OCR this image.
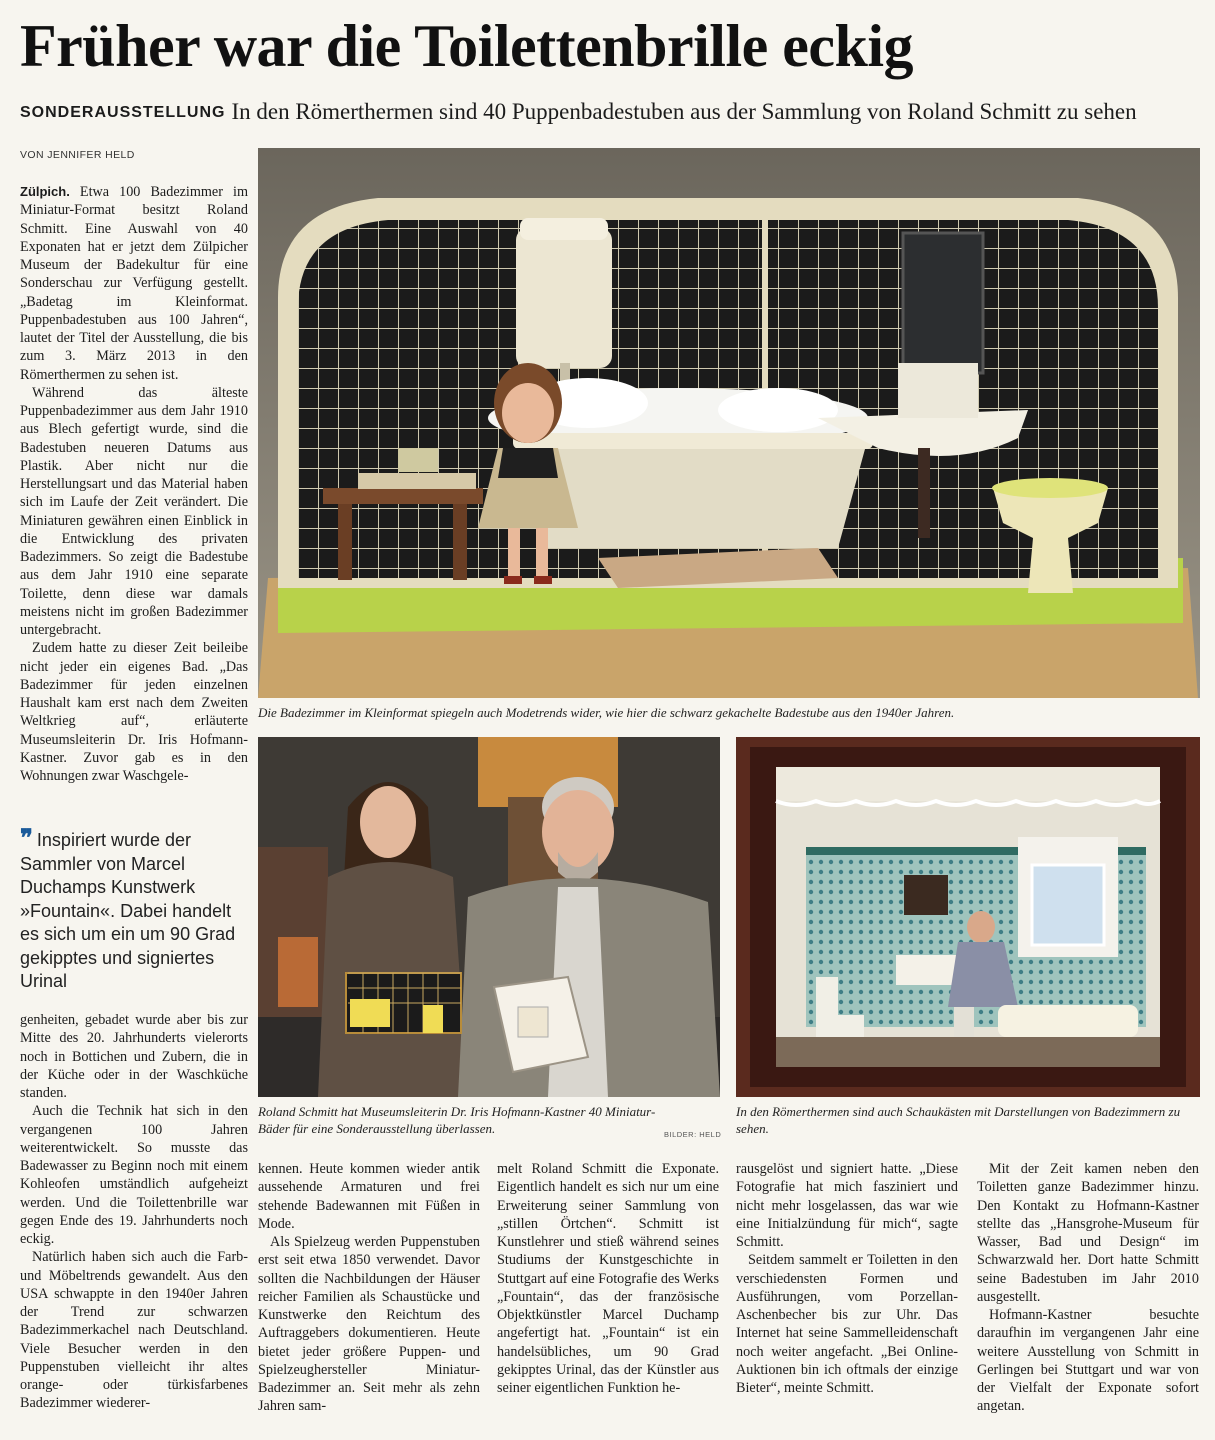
Früher war die Toilettenbrille eckig
SONDERAUSSTELLUNG In den Römerthermen sind 40 Puppenbadestuben aus der Sammlung von Roland Schmitt zu sehen
VON JENNIFER HELD

Zülpich. Etwa 100 Badezimmer im Miniatur-Format besitzt Roland Schmitt. Eine Auswahl von 40 Exponaten hat er jetzt dem Zülpicher Museum der Badekultur für eine Sonderschau zur Verfügung gestellt. „Badetag im Kleinformat. Puppenbadestuben aus 100 Jahren“, lautet der Titel der Ausstellung, die bis zum 3. März 2013 in den Römerthermen zu sehen ist.

Während das älteste Puppenbadezimmer aus dem Jahr 1910 aus Blech gefertigt wurde, sind die Badestuben neueren Datums aus Plastik. Aber nicht nur die Herstellungsart und das Material haben sich im Laufe der Zeit verändert. Die Miniaturen gewähren einen Einblick in die Entwicklung des privaten Badezimmers. So zeigt die Badestube aus dem Jahr 1910 eine separate Toilette, denn diese war damals meistens nicht im großen Badezimmer untergebracht.

Zudem hatte zu dieser Zeit beileibe nicht jeder ein eigenes Bad. „Das Badezimmer für jeden einzelnen Haushalt kam erst nach dem Zweiten Weltkrieg auf“, erläuterte Museumsleiterin Dr. Iris Hofmann-Kastner. Zuvor gab es in den Wohnungen zwar Waschgele-

❞ Inspiriert wurde der Sammler von Marcel Duchamps Kunstwerk »Fountain«. Dabei handelt es sich um ein um 90 Grad gekipptes und signiertes Urinal

genheiten, gebadet wurde aber bis zur Mitte des 20. Jahrhunderts vielerorts noch in Bottichen und Zubern, die in der Küche oder in der Waschküche standen.

Auch die Technik hat sich in den vergangenen 100 Jahren weiterentwickelt. So musste das Badewasser zu Beginn noch mit einem Kohleofen umständlich aufgeheizt werden. Und die Toilettenbrille war gegen Ende des 19. Jahrhunderts noch eckig.

Natürlich haben sich auch die Farb- und Möbeltrends gewandelt. Aus den USA schwappte in den 1940er Jahren der Trend zur schwarzen Badezimmerkachel nach Deutschland. Viele Besucher werden in den Puppenstuben vielleicht ihr altes orange- oder türkisfarbenes Badezimmer wiederer-

Die Badezimmer im Kleinformat spiegeln auch Modetrends wider, wie hier die schwarz gekachelte Badestube aus den 1940er Jahren.
Roland Schmitt hat Museumsleiterin Dr. Iris Hofmann-Kastner 40 Miniatur-Bäder für eine Sonderausstellung überlassen.	BILDER: HELD
In den Römerthermen sind auch Schaukästen mit Darstellungen von Badezimmern zu sehen.

kennen. Heute kommen wieder antik aussehende Armaturen und frei stehende Badewannen mit Füßen in Mode.

Als Spielzeug werden Puppenstuben erst seit etwa 1850 verwendet. Davor sollten die Nachbildungen der Häuser reicher Familien als Schaustücke und Kunstwerke den Reichtum des Auftraggebers dokumentieren. Heute bietet jeder größere Puppen- und Spielzeughersteller Miniatur-Badezimmer an. Seit mehr als zehn Jahren sam-

melt Roland Schmitt die Exponate. Eigentlich handelt es sich nur um eine Erweiterung seiner Sammlung von „stillen Örtchen“. Schmitt ist Kunstlehrer und stieß während seines Studiums der Kunstgeschichte in Stuttgart auf eine Fotografie des Werks „Fountain“, das der französische Objektkünstler Marcel Duchamp angefertigt hat. „Fountain“ ist ein handelsübliches, um 90 Grad gekipptes Urinal, das der Künstler aus seiner eigentlichen Funktion he-

rausgelöst und signiert hatte. „Diese Fotografie hat mich fasziniert und nicht mehr losgelassen, das war wie eine Initialzündung für mich“, sagte Schmitt.

Seitdem sammelt er Toiletten in den verschiedensten Formen und Ausführungen, vom Porzellan-Aschenbecher bis zur Uhr. Das Internet hat seine Sammelleidenschaft noch weiter angefacht. „Bei Online-Auktionen bin ich oftmals der einzige Bieter“, meinte Schmitt.

Mit der Zeit kamen neben den Toiletten ganze Badezimmer hinzu. Den Kontakt zu Hofmann-Kastner stellte das „Hansgrohe-Museum für Wasser, Bad und Design“ im Schwarzwald her. Dort hatte Schmitt seine Badestuben im Jahr 2010 ausgestellt.

Hofmann-Kastner besuchte daraufhin im vergangenen Jahr eine weitere Ausstellung von Schmitt in Gerlingen bei Stuttgart und war von der Vielfalt der Exponate sofort angetan.
